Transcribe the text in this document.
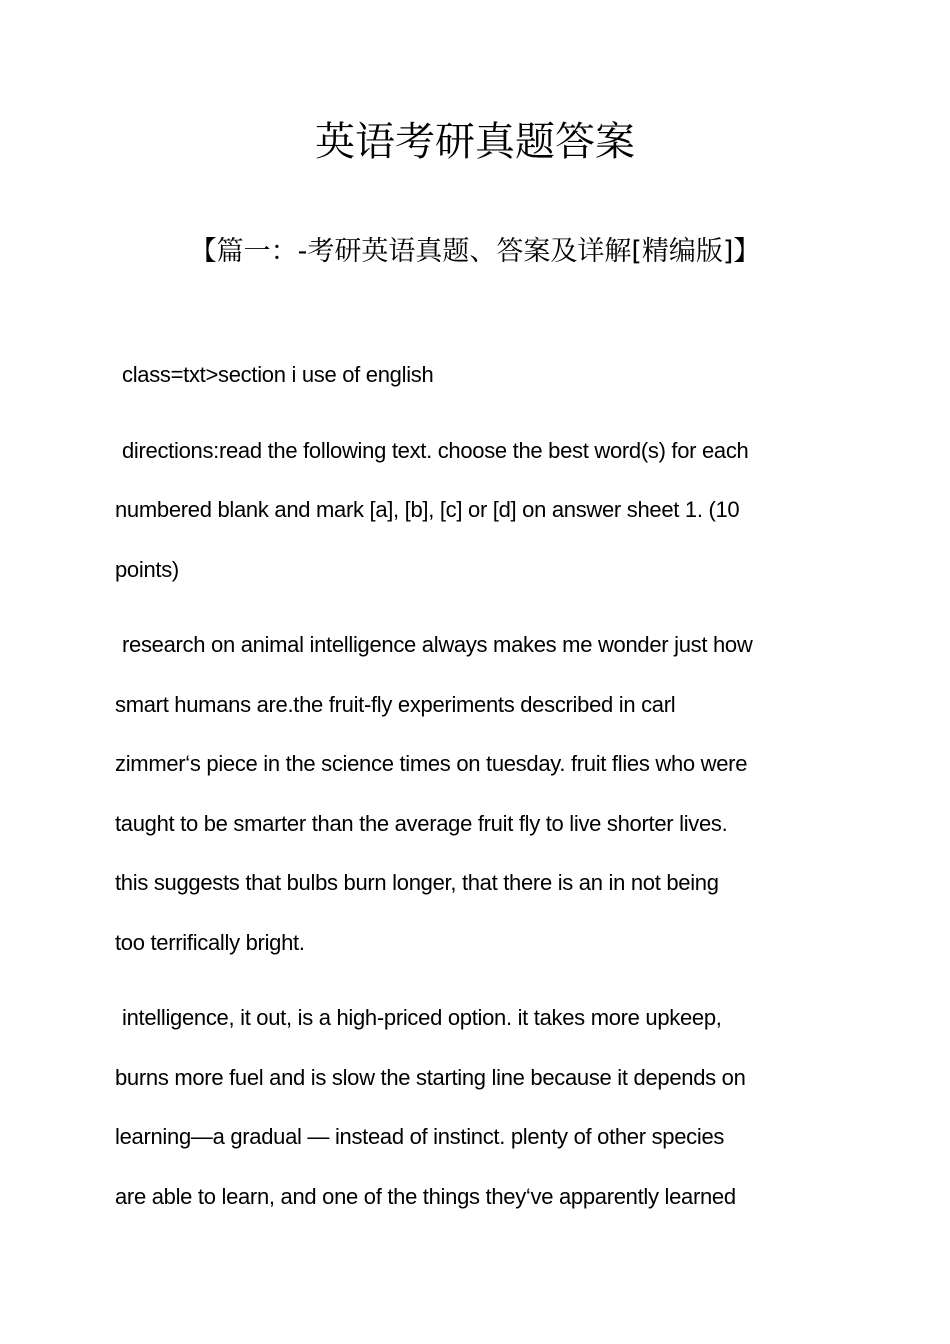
英语考研真题答案
【篇一：-考研英语真题、答案及详解[精编版]】

class=txt>section i use of english

directions:read the following text. choose the best word(s) for each
numbered blank and mark [a], [b], [c] or [d] on answer sheet 1. (10
points)

research on animal intelligence always makes me wonder just how
smart humans are.the fruit-fly experiments described in carl
zimmer‘s piece in the science times on tuesday. fruit flies who were
taught to be smarter than the average fruit fly to live shorter lives.
this suggests that bulbs burn longer, that there is an in not being
too terrifically bright.

intelligence, it out, is a high-priced option. it takes more upkeep,
burns more fuel and is slow the starting line because it depends on
learning—a gradual — instead of instinct. plenty of other species
are able to learn, and one of the things they‘ve apparently learned
